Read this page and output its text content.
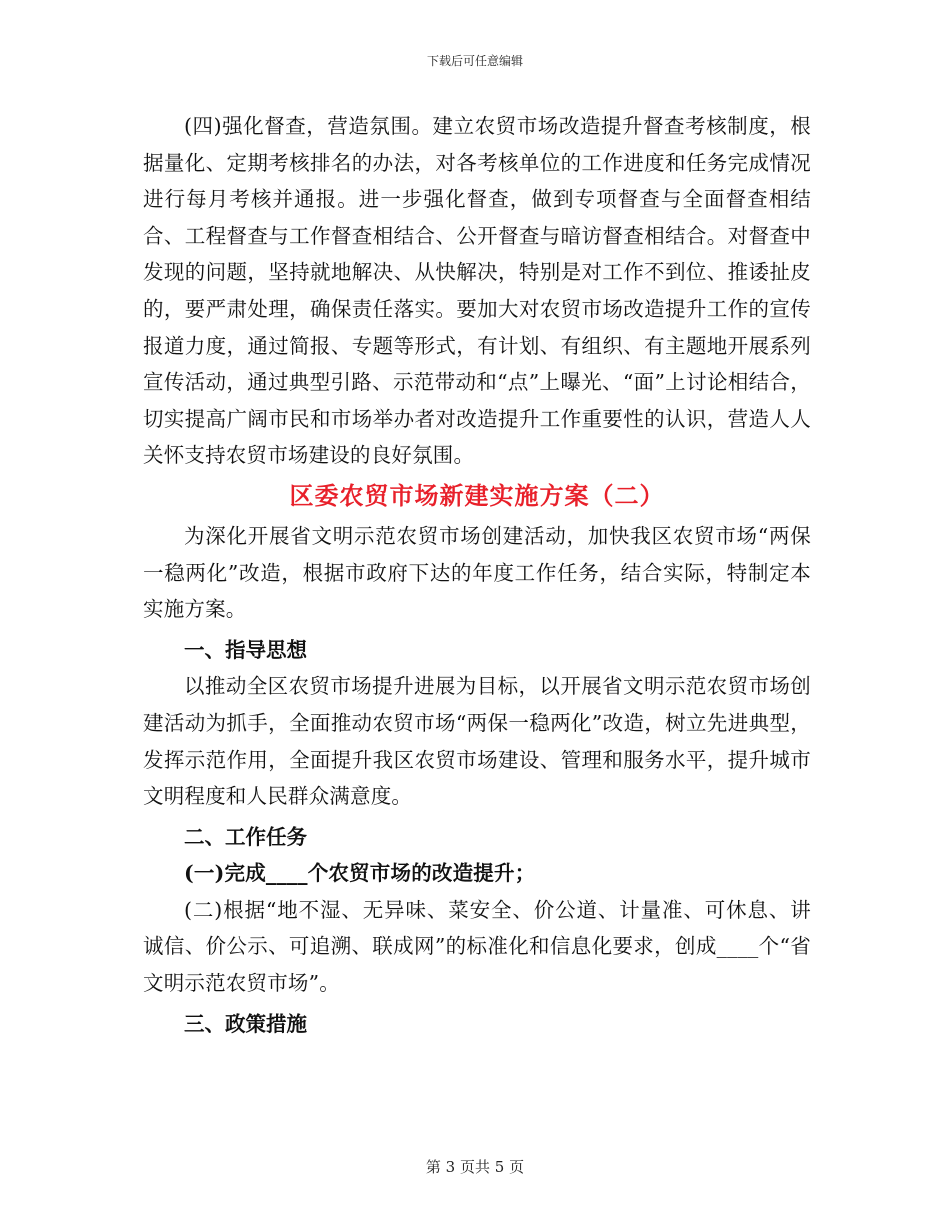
下载后可任意编辑

(四)强化督查，营造氛围。建立农贸市场改造提升督查考核制度，根据量化、定期考核排名的办法，对各考核单位的工作进度和任务完成情况进行每月考核并通报。进一步强化督查，做到专项督查与全面督查相结合、工程督查与工作督查相结合、公开督查与暗访督查相结合。对督查中发现的问题，坚持就地解决、从快解决，特别是对工作不到位、推诿扯皮的，要严肃处理，确保责任落实。要加大对农贸市场改造提升工作的宣传报道力度，通过简报、专题等形式，有计划、有组织、有主题地开展系列宣传活动，通过典型引路、示范带动和“点”上曝光、“面”上讨论相结合，切实提高广阔市民和市场举办者对改造提升工作重要性的认识，营造人人关怀支持农贸市场建设的良好氛围。

区委农贸市场新建实施方案（二）

为深化开展省文明示范农贸市场创建活动，加快我区农贸市场“两保一稳两化”改造，根据市政府下达的年度工作任务，结合实际，特制定本实施方案。

一、指导思想

以推动全区农贸市场提升进展为目标，以开展省文明示范农贸市场创建活动为抓手，全面推动农贸市场“两保一稳两化”改造，树立先进典型，发挥示范作用，全面提升我区农贸市场建设、管理和服务水平，提升城市文明程度和人民群众满意度。

二、工作任务

(一)完成____个农贸市场的改造提升；

(二)根据“地不湿、无异味、菜安全、价公道、计量准、可休息、讲诚信、价公示、可追溯、联成网”的标准化和信息化要求，创成____个“省文明示范农贸市场”。

三、政策措施

第 3 页共 5 页
